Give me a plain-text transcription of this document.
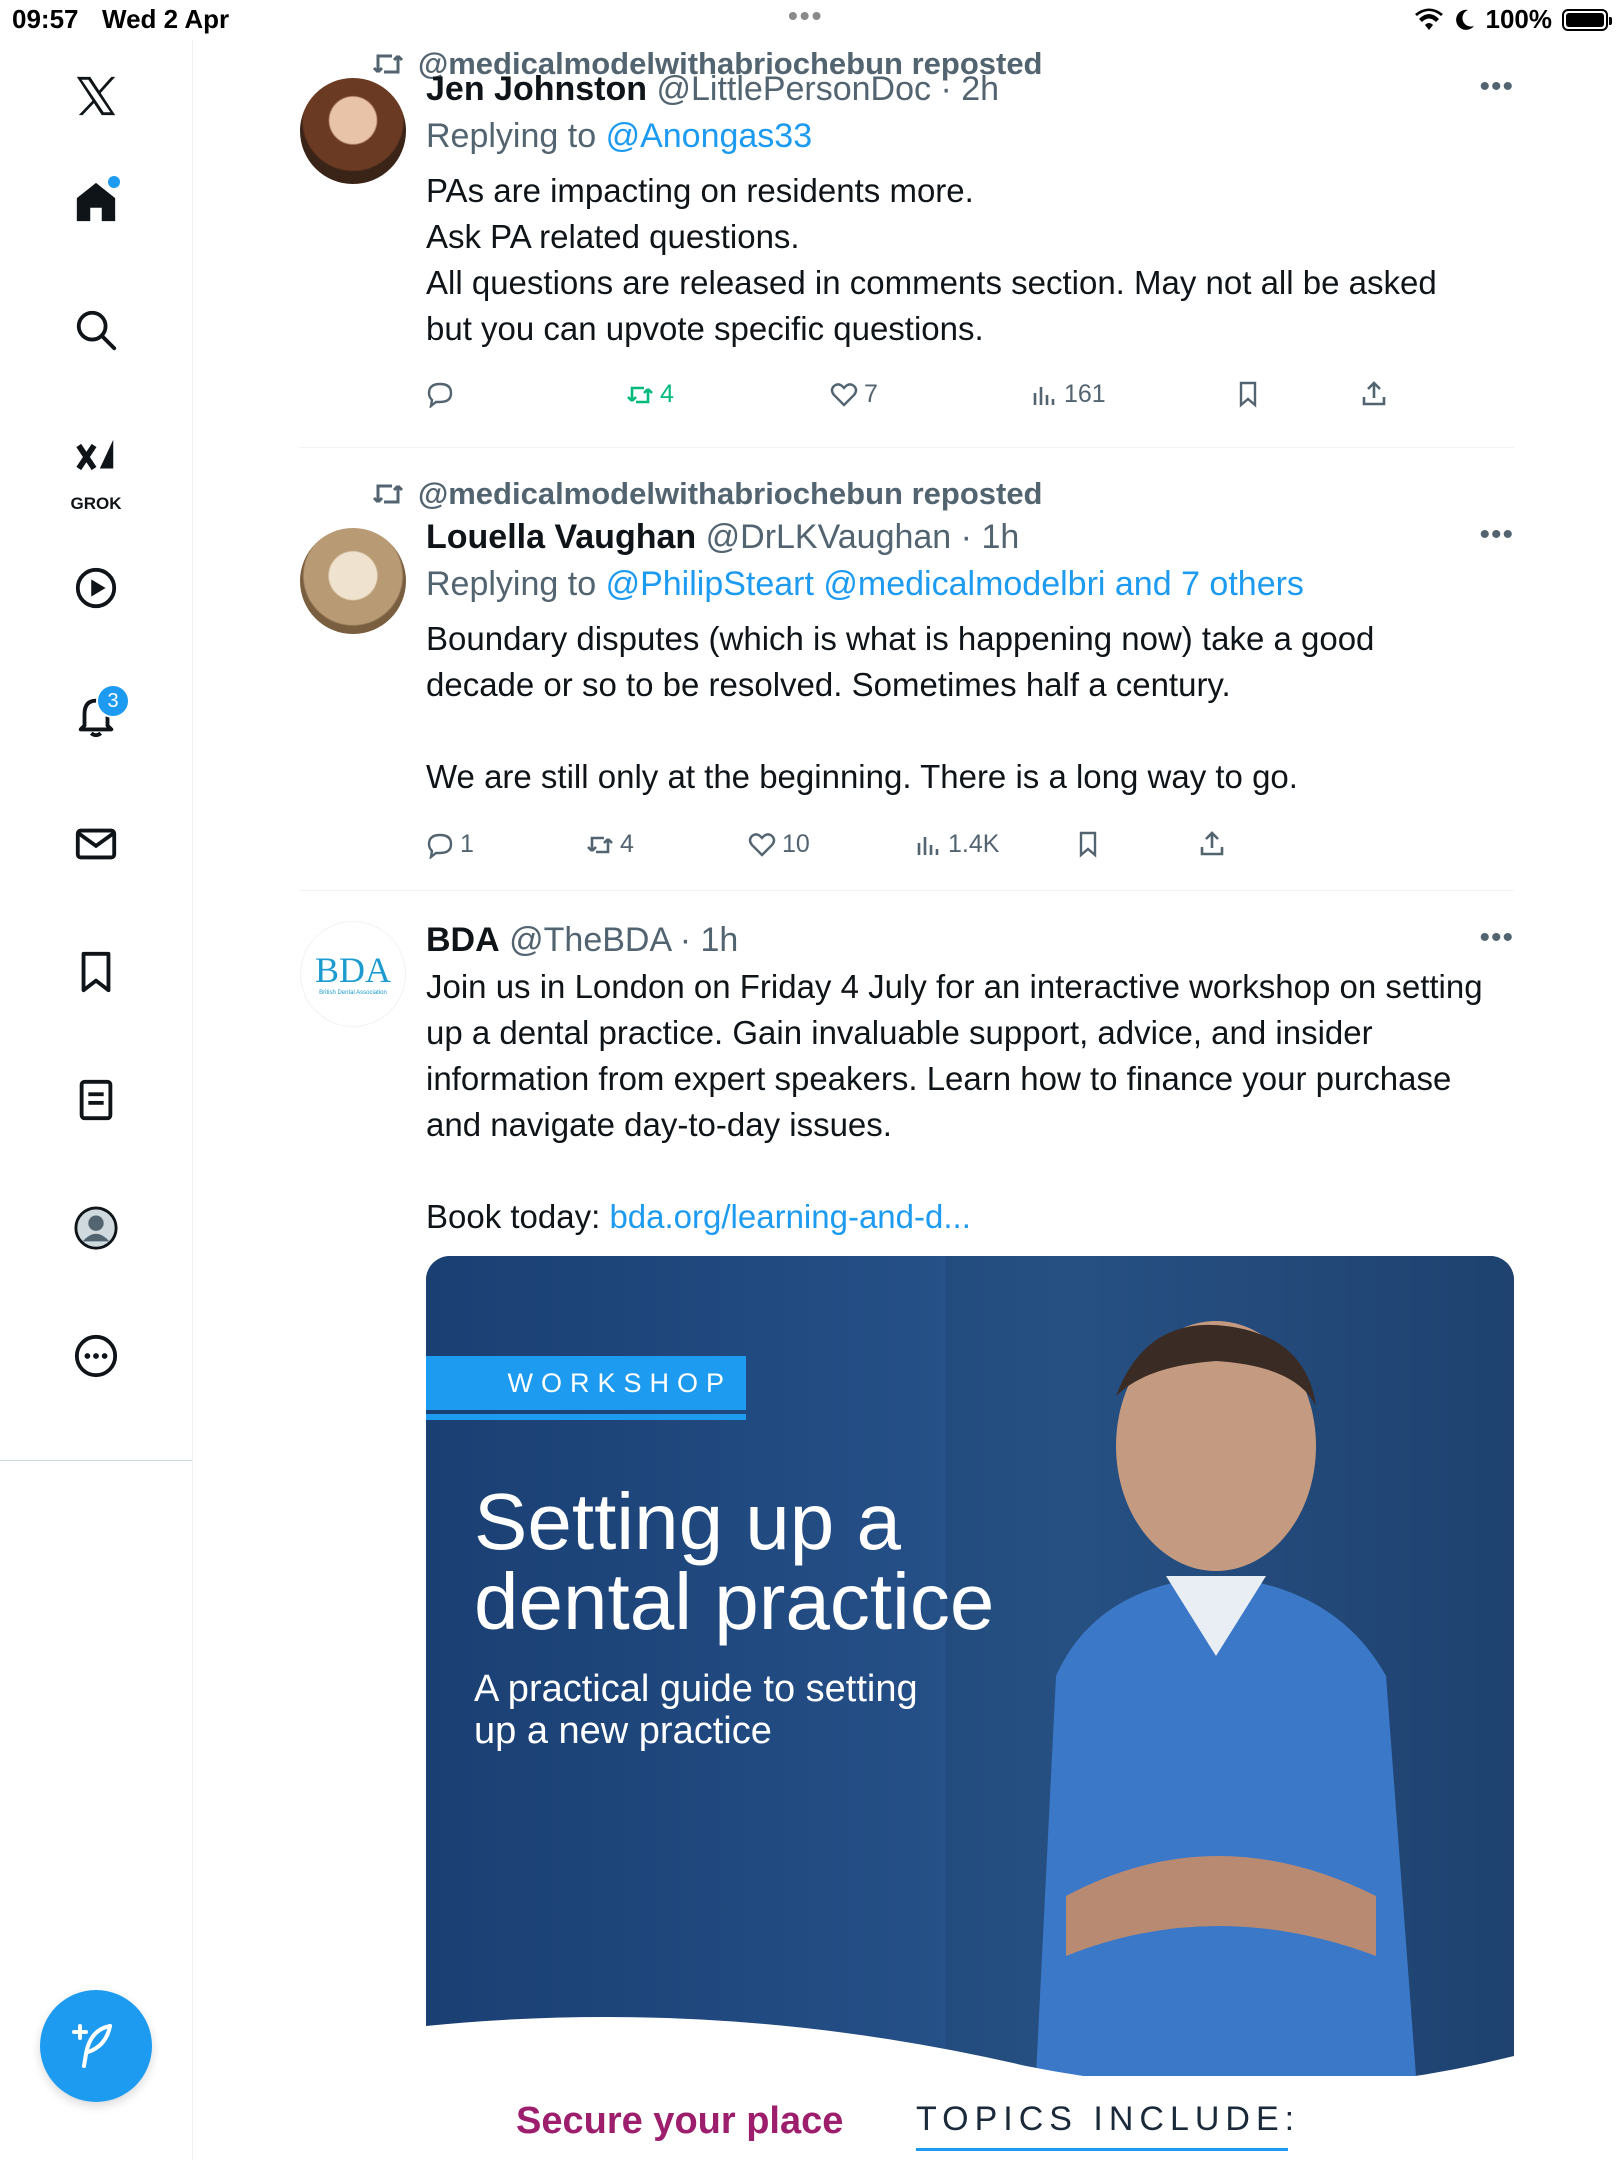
09:57 Wed 2 Apr	•••	100%
GROK
3
@medicalmodelwithabriochebun reposted
Jen Johnston @LittlePersonDoc · 2h	•••
Replying to @Anongas33
PAs are impacting on residents more.
Ask PA related questions.
All questions are released in comments section. May not all be asked
but you can upvote specific questions.
4	7	161
@medicalmodelwithabriochebun reposted
Louella Vaughan @DrLKVaughan · 1h	•••
Replying to @PhilipSteart @medicalmodelbri and 7 others
Boundary disputes (which is what is happening now) take a good
decade or so to be resolved. Sometimes half a century.
We are still only at the beginning. There is a long way to go.
1	4	10	1.4K
BDA
British Dental Association
BDA @TheBDA · 1h	•••
Join us in London on Friday 4 July for an interactive workshop on setting
up a dental practice. Gain invaluable support, advice, and insider
information from expert speakers. Learn how to finance your purchase
and navigate day-to-day issues.
Book today: bda.org/learning-and-d...
WORKSHOP
Setting up a
dental practice
A practical guide to setting
up a new practice
Secure your place TOPICS INCLUDE:
